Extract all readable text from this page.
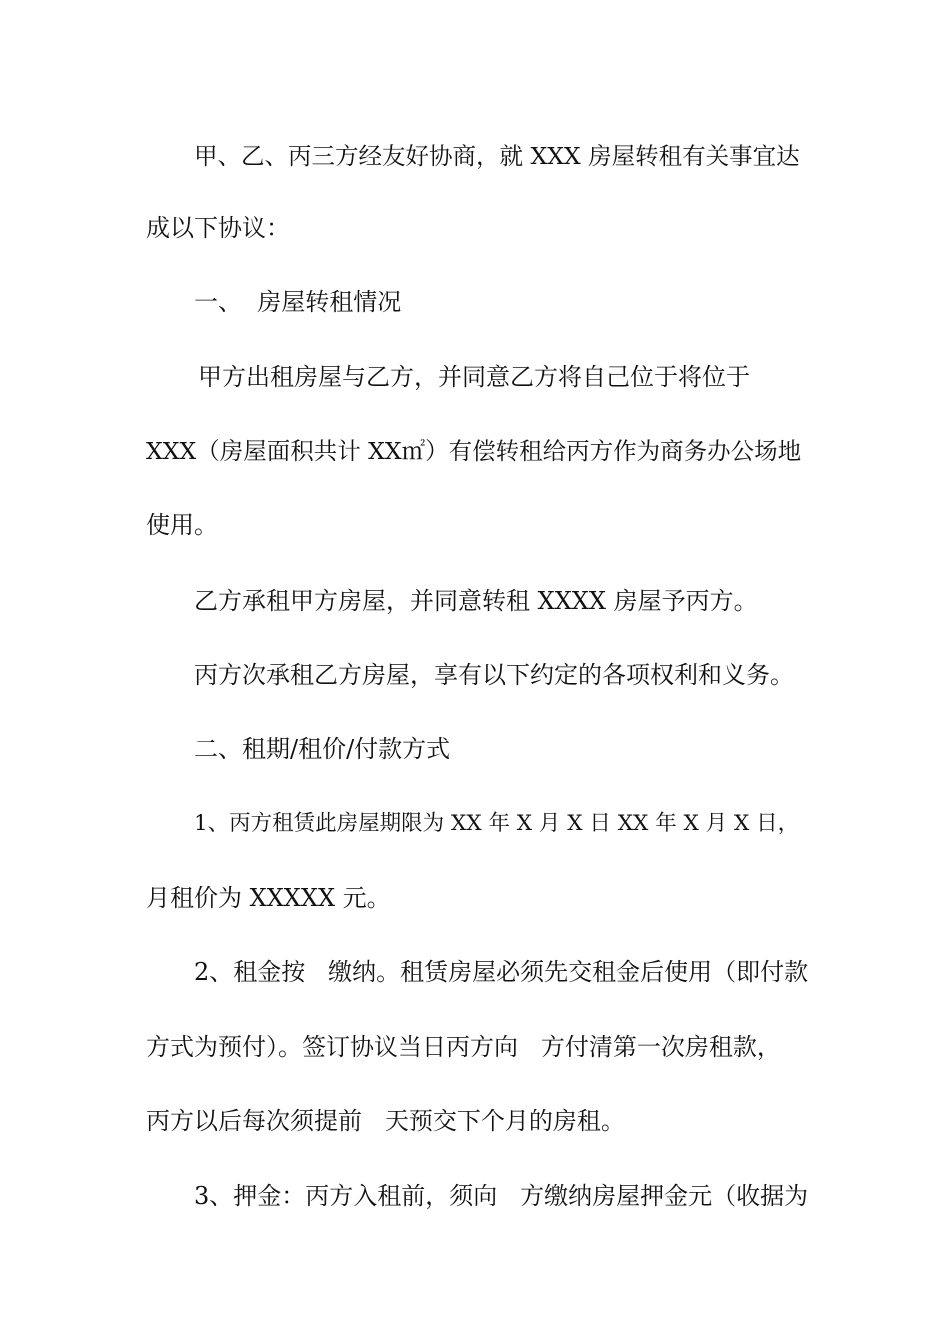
甲、乙、丙三方经友好协商，就 XXX 房屋转租有关事宜达
成以下协议：
一、  房屋转租情况
甲方出租房屋与乙方，并同意乙方将自己位于将位于
XXX（房屋面积共计 XX㎡）有偿转租给丙方作为商务办公场地
使用。
乙方承租甲方房屋，并同意转租 XXXX 房屋予丙方。
丙方次承租乙方房屋，享有以下约定的各项权利和义务。
二、租期/租价/付款方式
1、丙方租赁此房屋期限为 XX 年 X 月 X 日 XX 年 X 月 X 日，
月租价为 XXXXX 元。
2、租金按   缴纳。租赁房屋必须先交租金后使用（即付款
方式为预付）。签订协议当日丙方向   方付清第一次房租款，
丙方以后每次须提前   天预交下个月的房租。
3、押金：丙方入租前，须向   方缴纳房屋押金元（收据为
